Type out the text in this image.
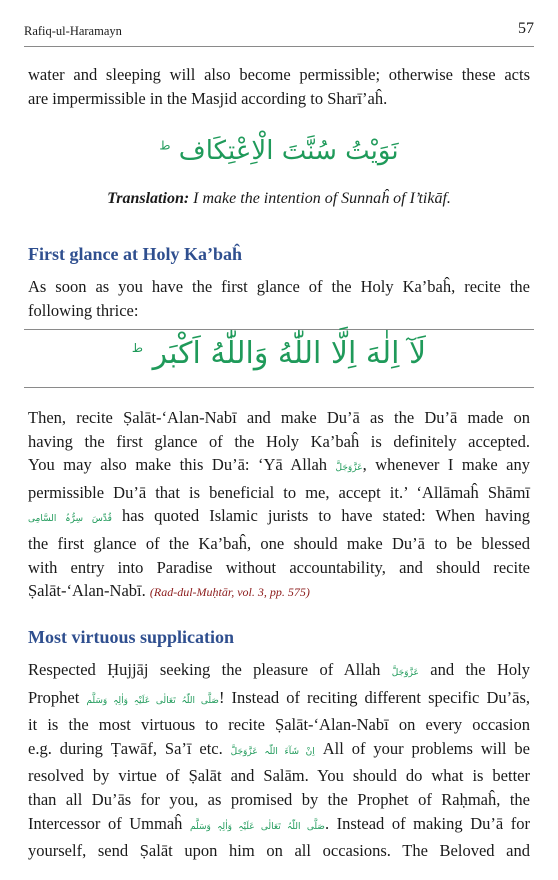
Rafiq-ul-Haramayn	57
water and sleeping will also become permissible; otherwise these acts
are impermissible in the Masjid according to Sharī’aĥ.
نَوَيْتُ سُنَّتَ الْاِعْتِكَاف $^ط$
Translation: I make the intention of Sunnaĥ of I’tikāf.
First glance at Holy Ka’baĥ
As soon as you have the first glance of the Holy Ka’baĥ, recite the
following thrice:
لَآ اِلٰهَ اِلَّا اللّٰهُ وَاللّٰهُ اَكْبَر $^ط$
Then, recite Ṣalāt-‘Alan-Nabī and make Du’ā as the Du’ā made on
having the first glance of the Holy Ka’baĥ is definitely accepted.
You may also make this Du’ā: ‘Yā Allah عَزَّوَجَلَّ, whenever I make any
permissible Du’ā that is beneficial to me, accept it.’ ‘Allāmaĥ Shāmī
قُدِّسَ سِرُّہُ السَّامِی has quoted Islamic jurists to have stated: When having
the first glance of the Ka’baĥ, one should make Du’ā to be blessed
with entry into Paradise without accountability, and should recite
Ṣalāt-‘Alan-Nabī. (Rad-dul-Muḥtār, vol. 3, pp. 575)
Most virtuous supplication
Respected Ḥujjāj seeking the pleasure of Allah عَزَّوَجَلَّ and the Holy
Prophet صَلَّی اللّٰہُ تَعَالٰی عَلَیْہِ وَاٰلِہٖ وَسَلَّم! Instead of reciting different specific Du’ās,
it is the most virtuous to recite Ṣalāt-‘Alan-Nabī on every occasion
e.g. during Ṭawāf, Sa’ī etc. اِنْ شَآءَ اللّٰہ عَزَّوَجَلَّ All of your problems will be
resolved by virtue of Ṣalāt and Salām. You should do what is better
than all Du’ās for you, as promised by the Prophet of Raḥmaĥ, the
Intercessor of Ummaĥ صَلَّی اللّٰہُ تَعَالٰی عَلَیْہِ وَاٰلِہٖ وَسَلَّم. Instead of making Du’ā for
yourself, send Ṣalāt upon him on all occasions. The Beloved and
